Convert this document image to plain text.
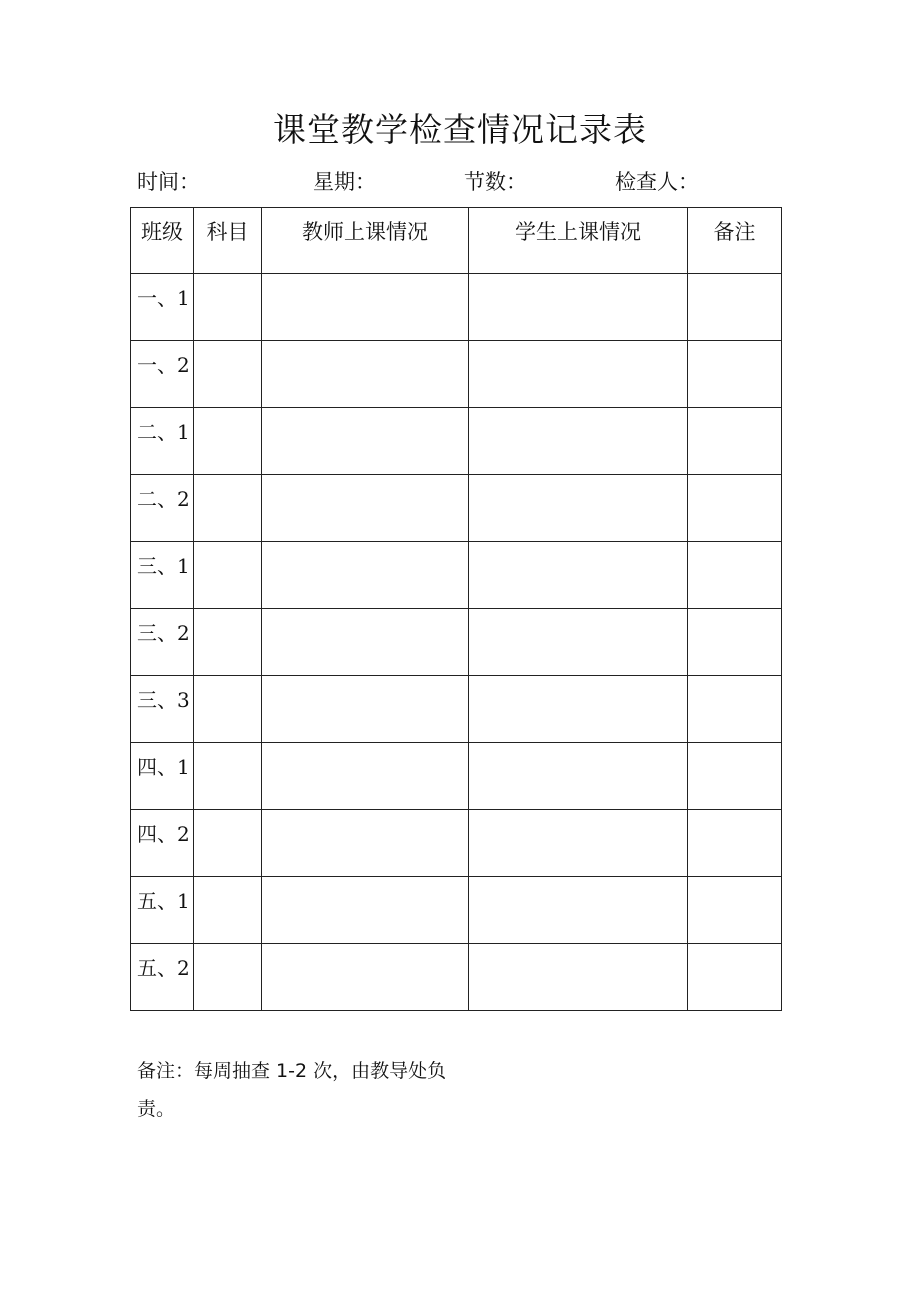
课堂教学检查情况记录表
时间：	星期：	节数：	检查人：
班级	科目	教师上课情况	学生上课情况	备注
一、1				
一、2				
二、1				
二、2				
三、1				
三、2				
三、3				
四、1				
四、2				
五、1				
五、2				
备注：每周抽查 1-2 次，由教导处负
责。
